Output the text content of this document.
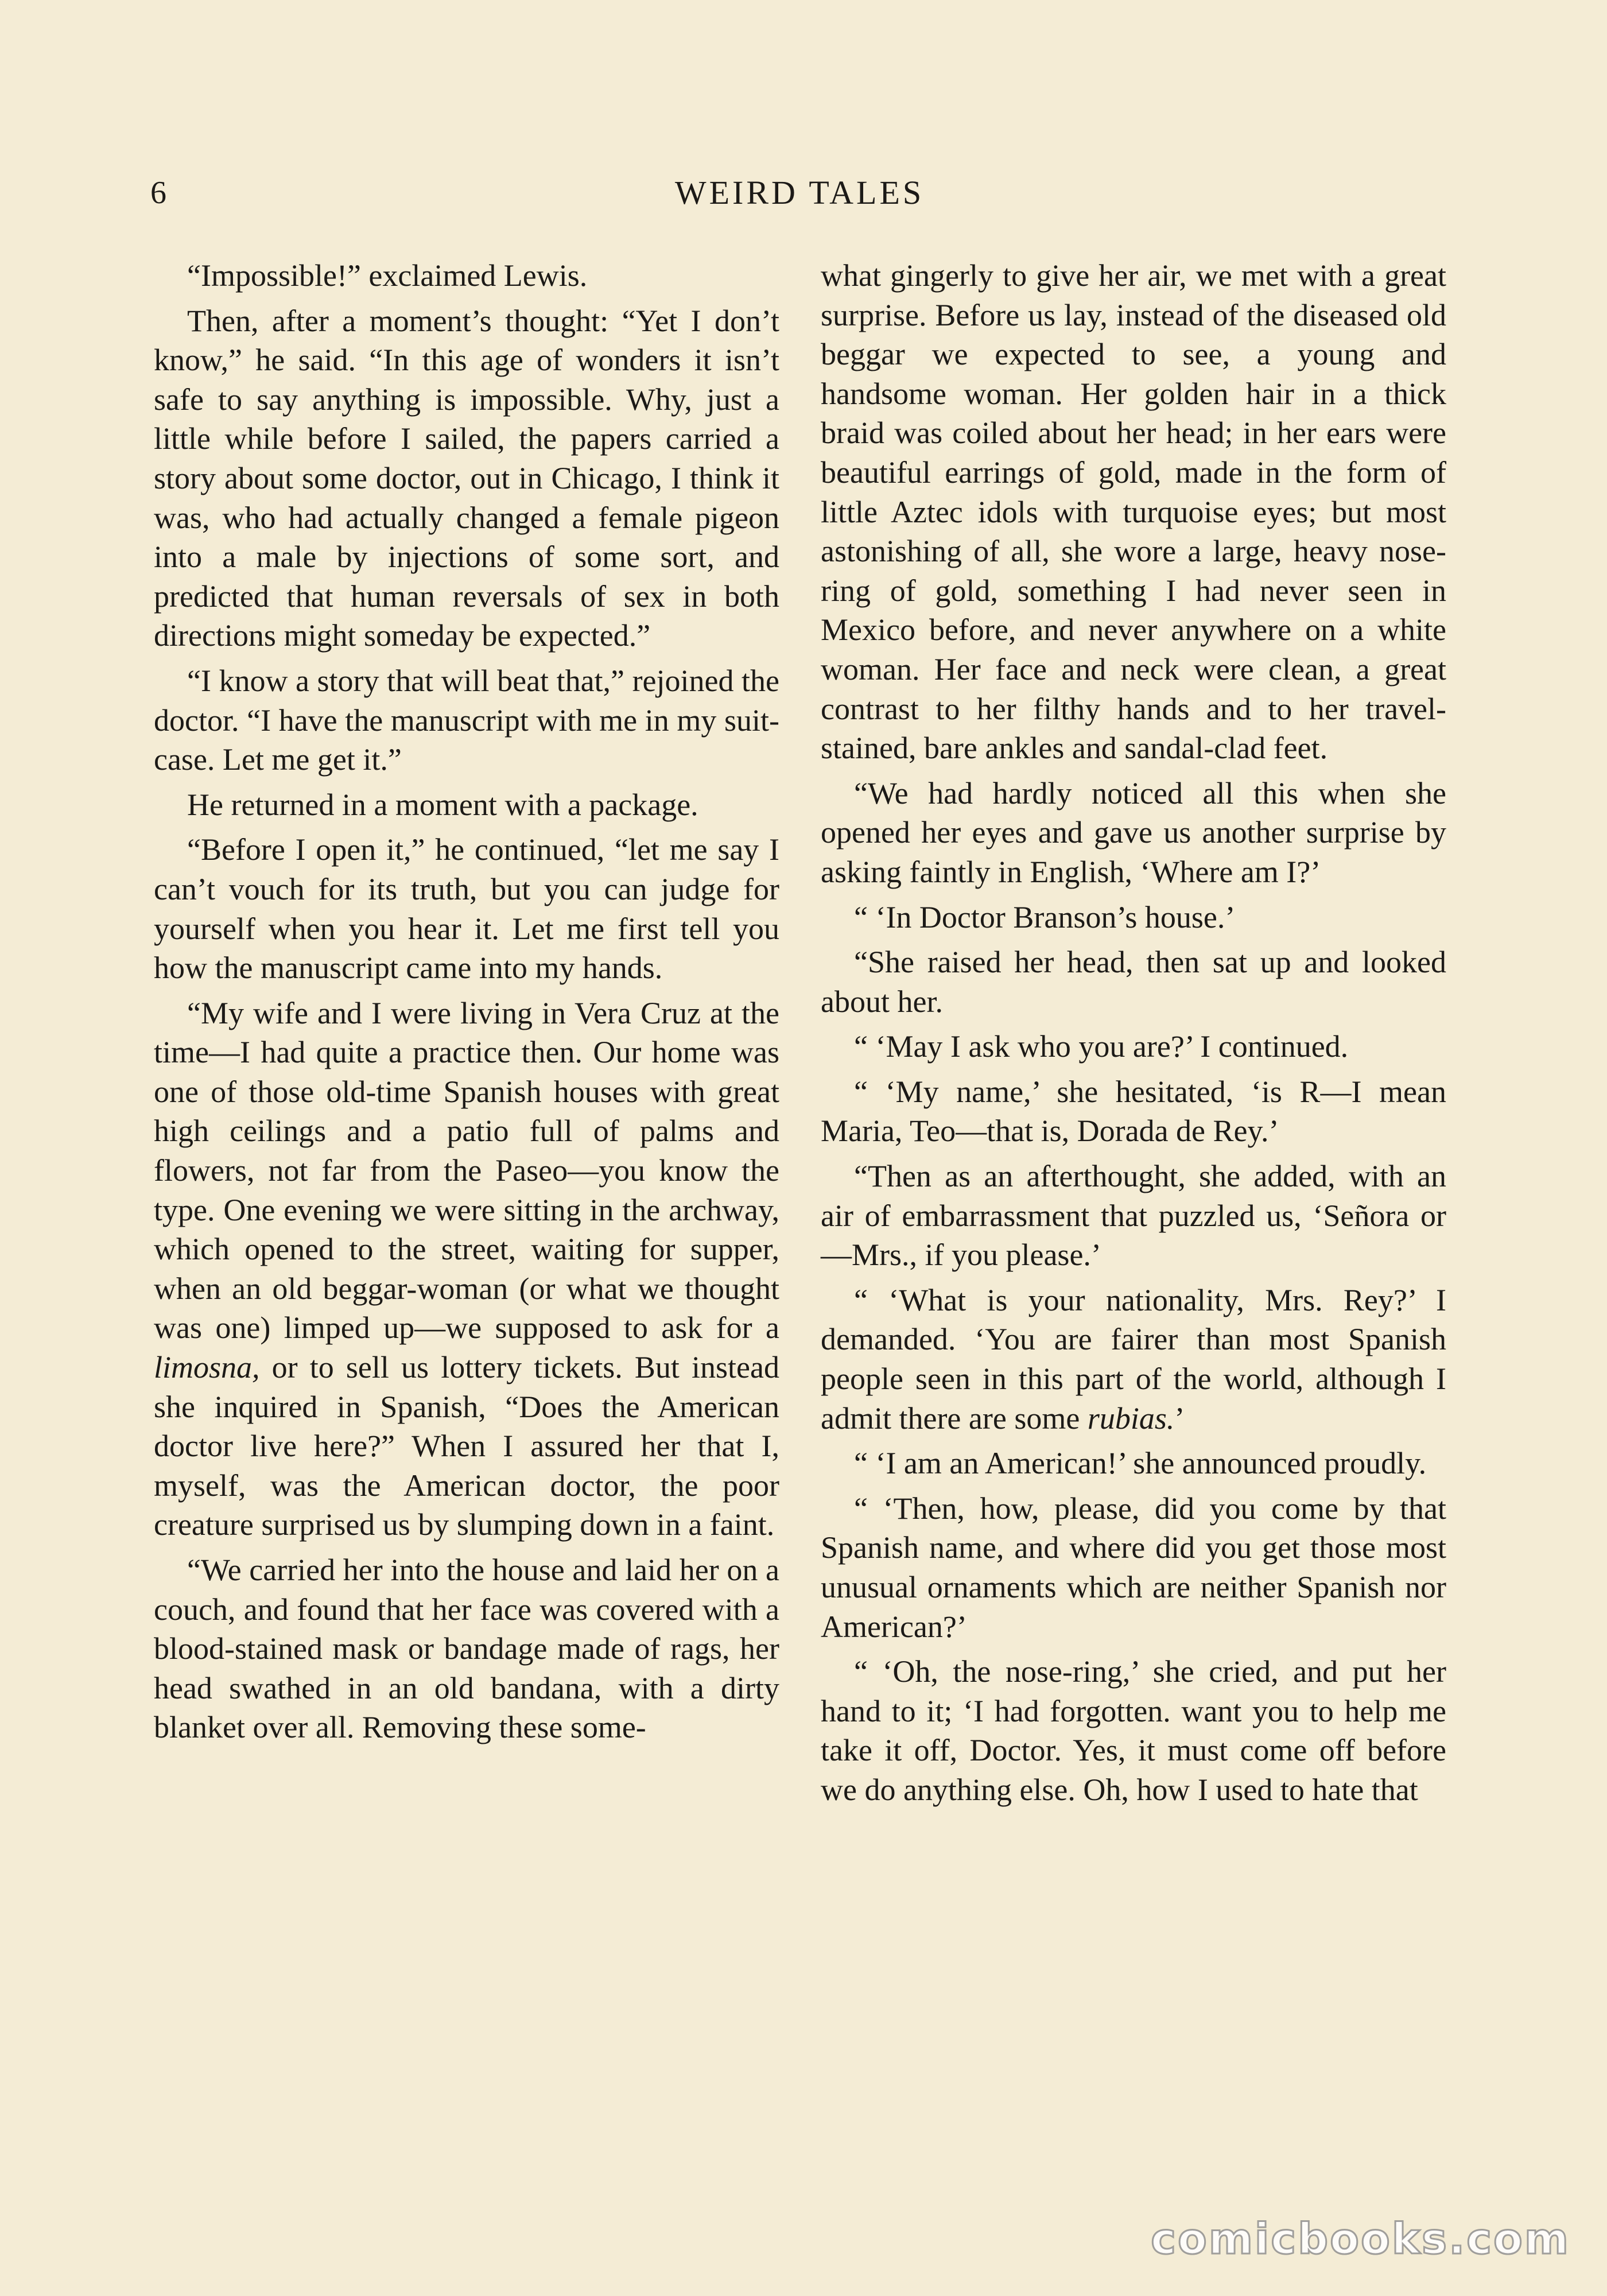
6	WEIRD TALES

“Impossible!” exclaimed Lewis.

Then, after a moment’s thought: “Yet I don’t know,” he said. “In this age of wonders it isn’t safe to say anything is impossible. Why, just a little while before I sailed, the papers carried a story about some doctor, out in Chicago, I think it was, who had actually changed a female pigeon into a male by injections of some sort, and predicted that human reversals of sex in both directions might someday be expected.”

“I know a story that will beat that,” rejoined the doctor. “I have the manuscript with me in my suit-case. Let me get it.”

He returned in a moment with a package.

“Before I open it,” he continued, “let me say I can’t vouch for its truth, but you can judge for yourself when you hear it. Let me first tell you how the manuscript came into my hands.

“My wife and I were living in Vera Cruz at the time—I had quite a practice then. Our home was one of those old-time Spanish houses with great high ceilings and a patio full of palms and flowers, not far from the Paseo—you know the type. One evening we were sitting in the archway, which opened to the street, waiting for supper, when an old beggar-woman (or what we thought was one) limped up—we supposed to ask for a limosna, or to sell us lottery tickets. But instead she inquired in Spanish, “Does the American doctor live here?” When I assured her that I, myself, was the American doctor, the poor creature surprised us by slumping down in a faint.

“We carried her into the house and laid her on a couch, and found that her face was covered with a blood-stained mask or bandage made of rags, her head swathed in an old bandana, with a dirty blanket over all. Removing these some-

what gingerly to give her air, we met with a great surprise. Before us lay, instead of the diseased old beggar we expected to see, a young and handsome woman. Her golden hair in a thick braid was coiled about her head; in her ears were beautiful earrings of gold, made in the form of little Aztec idols with turquoise eyes; but most astonishing of all, she wore a large, heavy nose-ring of gold, something I had never seen in Mexico before, and never anywhere on a white woman. Her face and neck were clean, a great contrast to her filthy hands and to her travel-stained, bare ankles and sandal-clad feet.

“We had hardly noticed all this when she opened her eyes and gave us another surprise by asking faintly in English, ‘Where am I?’

“ ‘In Doctor Branson’s house.’

“She raised her head, then sat up and looked about her.

“ ‘May I ask who you are?’ I continued.

“ ‘My name,’ she hesitated, ‘is R—I mean Maria, Teo—that is, Dorada de Rey.’

“Then as an afterthought, she added, with an air of embarrassment that puzzled us, ‘Señora or—Mrs., if you please.’

“ ‘What is your nationality, Mrs. Rey?’ I demanded. ‘You are fairer than most Spanish people seen in this part of the world, although I admit there are some rubias.’

“ ‘I am an American!’ she announced proudly.

“ ‘Then, how, please, did you come by that Spanish name, and where did you get those most unusual ornaments which are neither Spanish nor American?’

“ ‘Oh, the nose-ring,’ she cried, and put her hand to it; ‘I had forgotten. want you to help me take it off, Doctor. Yes, it must come off before we do anything else. Oh, how I used to hate that

comicbooks.com
